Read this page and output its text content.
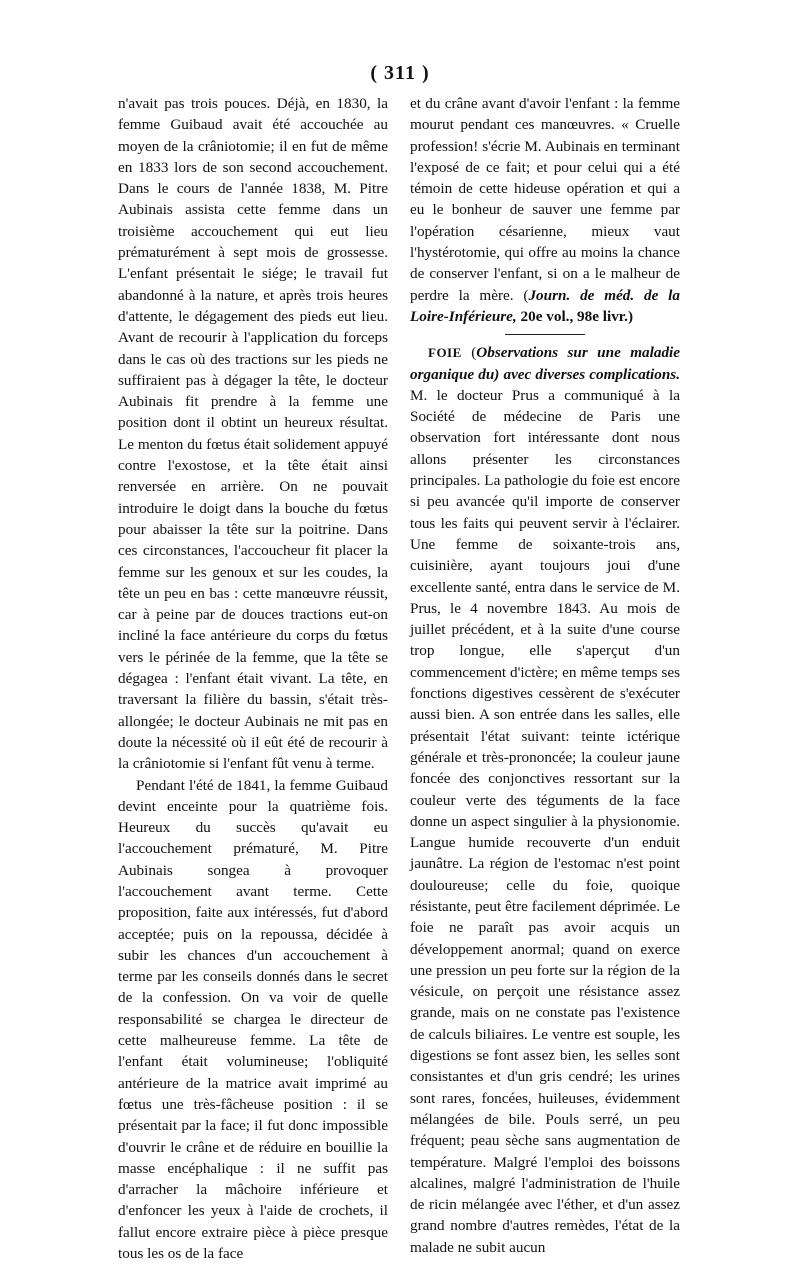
( 311 )

n'avait pas trois pouces. Déjà, en 1830, la femme Guibaud avait été accouchée au moyen de la crâniotomie; il en fut de même en 1833 lors de son second accouchement. Dans le cours de l'année 1838, M. Pitre Aubinais assista cette femme dans un troisième accouchement qui eut lieu prématurément à sept mois de grossesse. L'enfant présentait le siége; le travail fut abandonné à la nature, et après trois heures d'attente, le dégagement des pieds eut lieu. Avant de recourir à l'application du forceps dans le cas où des tractions sur les pieds ne suffiraient pas à dégager la tête, le docteur Aubinais fit prendre à la femme une position dont il obtint un heureux résultat. Le menton du fœtus était solidement appuyé contre l'exostose, et la tête était ainsi renversée en arrière. On ne pouvait introduire le doigt dans la bouche du fœtus pour abaisser la tête sur la poitrine. Dans ces circonstances, l'accoucheur fit placer la femme sur les genoux et sur les coudes, la tête un peu en bas : cette manœuvre réussit, car à peine par de douces tractions eut-on incliné la face antérieure du corps du fœtus vers le périnée de la femme, que la tête se dégagea : l'enfant était vivant. La tête, en traversant la filière du bassin, s'était très-allongée; le docteur Aubinais ne mit pas en doute la nécessité où il eût été de recourir à la crâniotomie si l'enfant fût venu à terme.

Pendant l'été de 1841, la femme Guibaud devint enceinte pour la quatrième fois. Heureux du succès qu'avait eu l'accouchement prématuré, M. Pitre Aubinais songea à provoquer l'accouchement avant terme. Cette proposition, faite aux intéressés, fut d'abord acceptée; puis on la repoussa, décidée à subir les chances d'un accouchement à terme par les conseils donnés dans le secret de la confession. On va voir de quelle responsabilité se chargea le directeur de cette malheureuse femme. La tête de l'enfant était volumineuse; l'obliquité antérieure de la matrice avait imprimé au fœtus une très-fâcheuse position : il se présentait par la face; il fut donc impossible d'ouvrir le crâne et de réduire en bouillie la masse encéphalique : il ne suffit pas d'arracher la mâchoire inférieure et d'enfoncer les yeux à l'aide de crochets, il fallut encore extraire pièce à pièce presque tous les os de la face

et du crâne avant d'avoir l'enfant : la femme mourut pendant ces manœuvres. « Cruelle profession! s'écrie M. Aubinais en terminant l'exposé de ce fait; et pour celui qui a été témoin de cette hideuse opération et qui a eu le bonheur de sauver une femme par l'opération césarienne, mieux vaut l'hystérotomie, qui offre au moins la chance de conserver l'enfant, si on a le malheur de perdre la mère. (Journ. de méd. de la Loire-Inférieure, 20e vol., 98e livr.)

FOIE (Observations sur une maladie organique du) avec diverses complications. M. le docteur Prus a communiqué à la Société de médecine de Paris une observation fort intéressante dont nous allons présenter les circonstances principales. La pathologie du foie est encore si peu avancée qu'il importe de conserver tous les faits qui peuvent servir à l'éclairer. Une femme de soixante-trois ans, cuisinière, ayant toujours joui d'une excellente santé, entra dans le service de M. Prus, le 4 novembre 1843. Au mois de juillet précédent, et à la suite d'une course trop longue, elle s'aperçut d'un commencement d'ictère; en même temps ses fonctions digestives cessèrent de s'exécuter aussi bien. A son entrée dans les salles, elle présentait l'état suivant: teinte ictérique générale et très-prononcée; la couleur jaune foncée des conjonctives ressortant sur la couleur verte des téguments de la face donne un aspect singulier à la physionomie. Langue humide recouverte d'un enduit jaunâtre. La région de l'estomac n'est point douloureuse; celle du foie, quoique résistante, peut être facilement déprimée. Le foie ne paraît pas avoir acquis un développement anormal; quand on exerce une pression un peu forte sur la région de la vésicule, on perçoit une résistance assez grande, mais on ne constate pas l'existence de calculs biliaires. Le ventre est souple, les digestions se font assez bien, les selles sont consistantes et d'un gris cendré; les urines sont rares, foncées, huileuses, évidemment mélangées de bile. Pouls serré, un peu fréquent; peau sèche sans augmentation de température. Malgré l'emploi des boissons alcalines, malgré l'administration de l'huile de ricin mélangée avec l'éther, et d'un assez grand nombre d'autres remèdes, l'état de la malade ne subit aucun
